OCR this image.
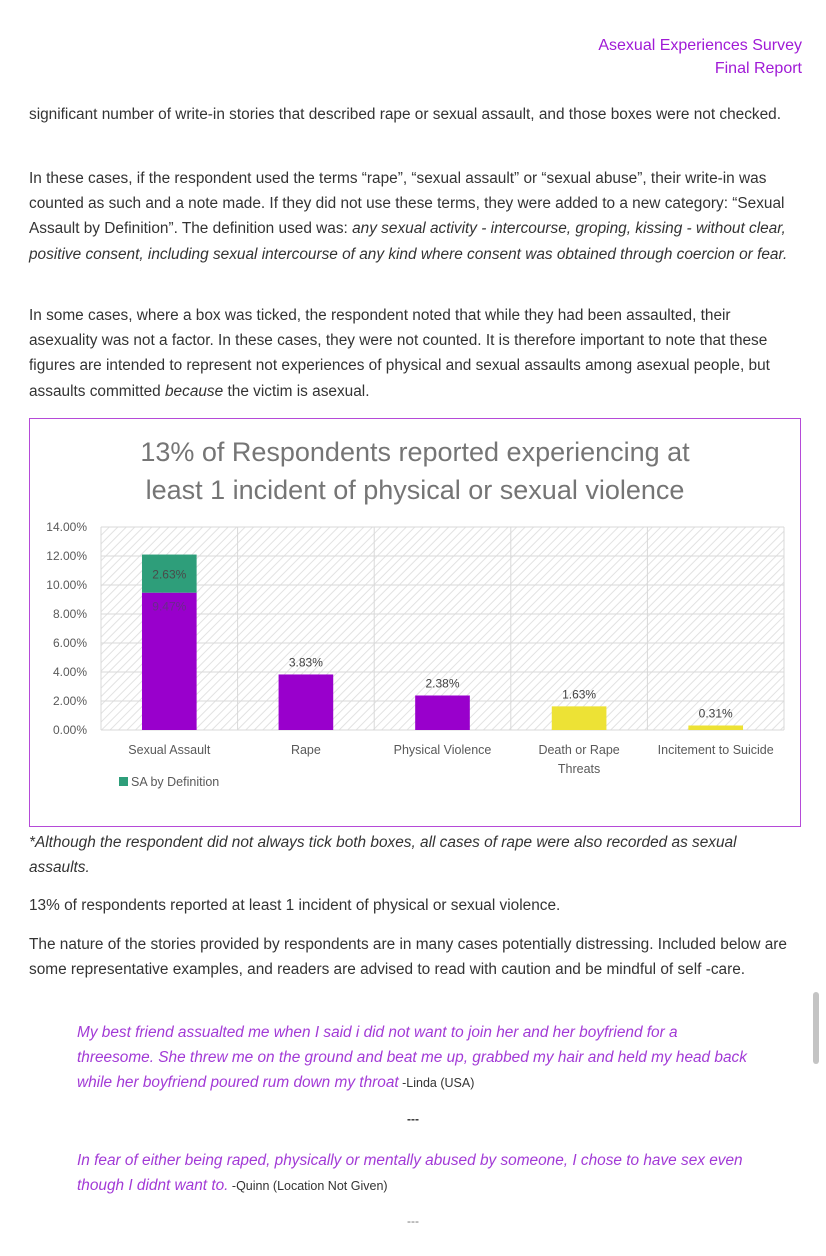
Asexual Experiences Survey
Final Report
significant number of write-in stories that described rape or sexual assault, and those boxes were not checked.
In these cases, if the respondent used the terms “rape”, “sexual assault” or “sexual abuse”, their write-in was counted as such and a note made. If they did not use these terms, they were added to a new category: “Sexual Assault by Definition”. The definition used was: any sexual activity - intercourse, groping, kissing - without clear, positive consent, including sexual intercourse of any kind where consent was obtained through coercion or fear.
In some cases, where a box was ticked, the respondent noted that while they had been assaulted, their asexuality was not a factor. In these cases, they were not counted. It is therefore important to note that these figures are intended to represent not experiences of physical and sexual assaults among asexual people, but assaults committed because the victim is asexual.
13% of Respondents reported experiencing at
least 1 incident of physical or sexual violence
0.00%
2.00%
4.00%
6.00%
8.00%
10.00%
12.00%
14.00%
9.47%
2.63%
3.83%
2.38%
1.63%
0.31%
Sexual Assault	Rape	Physical Violence	Death or Rape
Threats
Incitement to Suicide
SA by Definition
*Although the respondent did not always tick both boxes, all cases of rape were also recorded as sexual assaults.
13% of respondents reported at least 1 incident of physical or sexual violence.
The nature of the stories provided by respondents are in many cases potentially distressing. Included below are some representative examples, and readers are advised to read with caution and be mindful of self -care.
My best friend assualted me when I said i did not want to join her and her boyfriend for a threesome. She threw me on the ground and beat me up, grabbed my hair and held my head back while her boyfriend poured rum down my throat -Linda (USA)
---
In fear of either being raped, physically or mentally abused by someone, I chose to have sex even though I didnt want to. -Quinn (Location Not Given)
---
